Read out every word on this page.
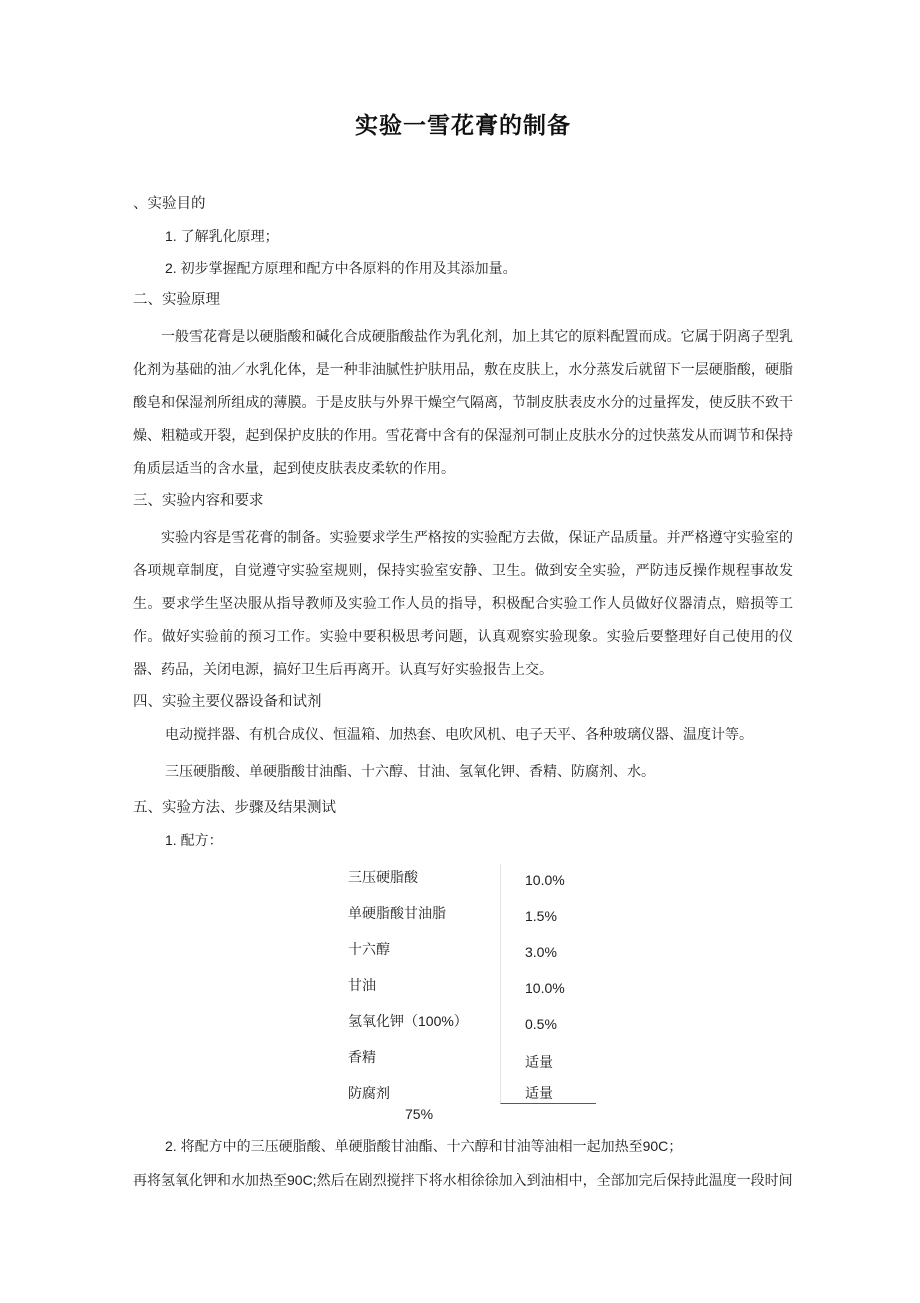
实验一雪花膏的制备
、实验目的
1. 了解乳化原理；
2. 初步掌握配方原理和配方中各原料的作用及其添加量。
二、实验原理
一般雪花膏是以硬脂酸和碱化合成硬脂酸盐作为乳化剂，加上其它的原料配置而成。它属于阴离子型乳化剂为基础的油／水乳化体，是一种非油腻性护肤用品，敷在皮肤上，水分蒸发后就留下一层硬脂酸，硬脂酸皂和保湿剂所组成的薄膜。于是皮肤与外界干燥空气隔离，节制皮肤表皮水分的过量挥发，使反肤不致干燥、粗糙或开裂，起到保护皮肤的作用。雪花膏中含有的保湿剂可制止皮肤水分的过快蒸发从而调节和保持角质层适当的含水量，起到使皮肤表皮柔软的作用。
三、实验内容和要求
实验内容是雪花膏的制备。实验要求学生严格按的实验配方去做，保证产品质量。并严格遵守实验室的各项规章制度，自觉遵守实验室规则，保持实验室安静、卫生。做到安全实验，严防违反操作规程事故发生。要求学生坚决服从指导教师及实验工作人员的指导，积极配合实验工作人员做好仪器清点，赔损等工作。做好实验前的预习工作。实验中要积极思考问题，认真观察实验现象。实验后要整理好自己使用的仪器、药品，关闭电源，搞好卫生后再离开。认真写好实验报告上交。
四、实验主要仪器设备和试剂
电动搅拌器、有机合成仪、恒温箱、加热套、电吹风机、电子天平、各种玻璃仪器、温度计等。
三压硬脂酸、单硬脂酸甘油酯、十六醇、甘油、氢氧化钾、香精、防腐剂、水。
五、实验方法、步骤及结果测试
1. 配方：
三压硬脂酸	10.0%
单硬脂酸甘油脂	1.5%
十六醇	3.0%
甘油	10.0%
氢氧化钾（100%）	0.5%
香精	适量
防腐剂	适量
75%
2. 将配方中的三压硬脂酸、单硬脂酸甘油酯、十六醇和甘油等油相一起加热至90C；
再将氢氧化钾和水加热至90C;然后在剧烈搅拌下将水相徐徐加入到油相中，全部加完后保持此温度一段时间
